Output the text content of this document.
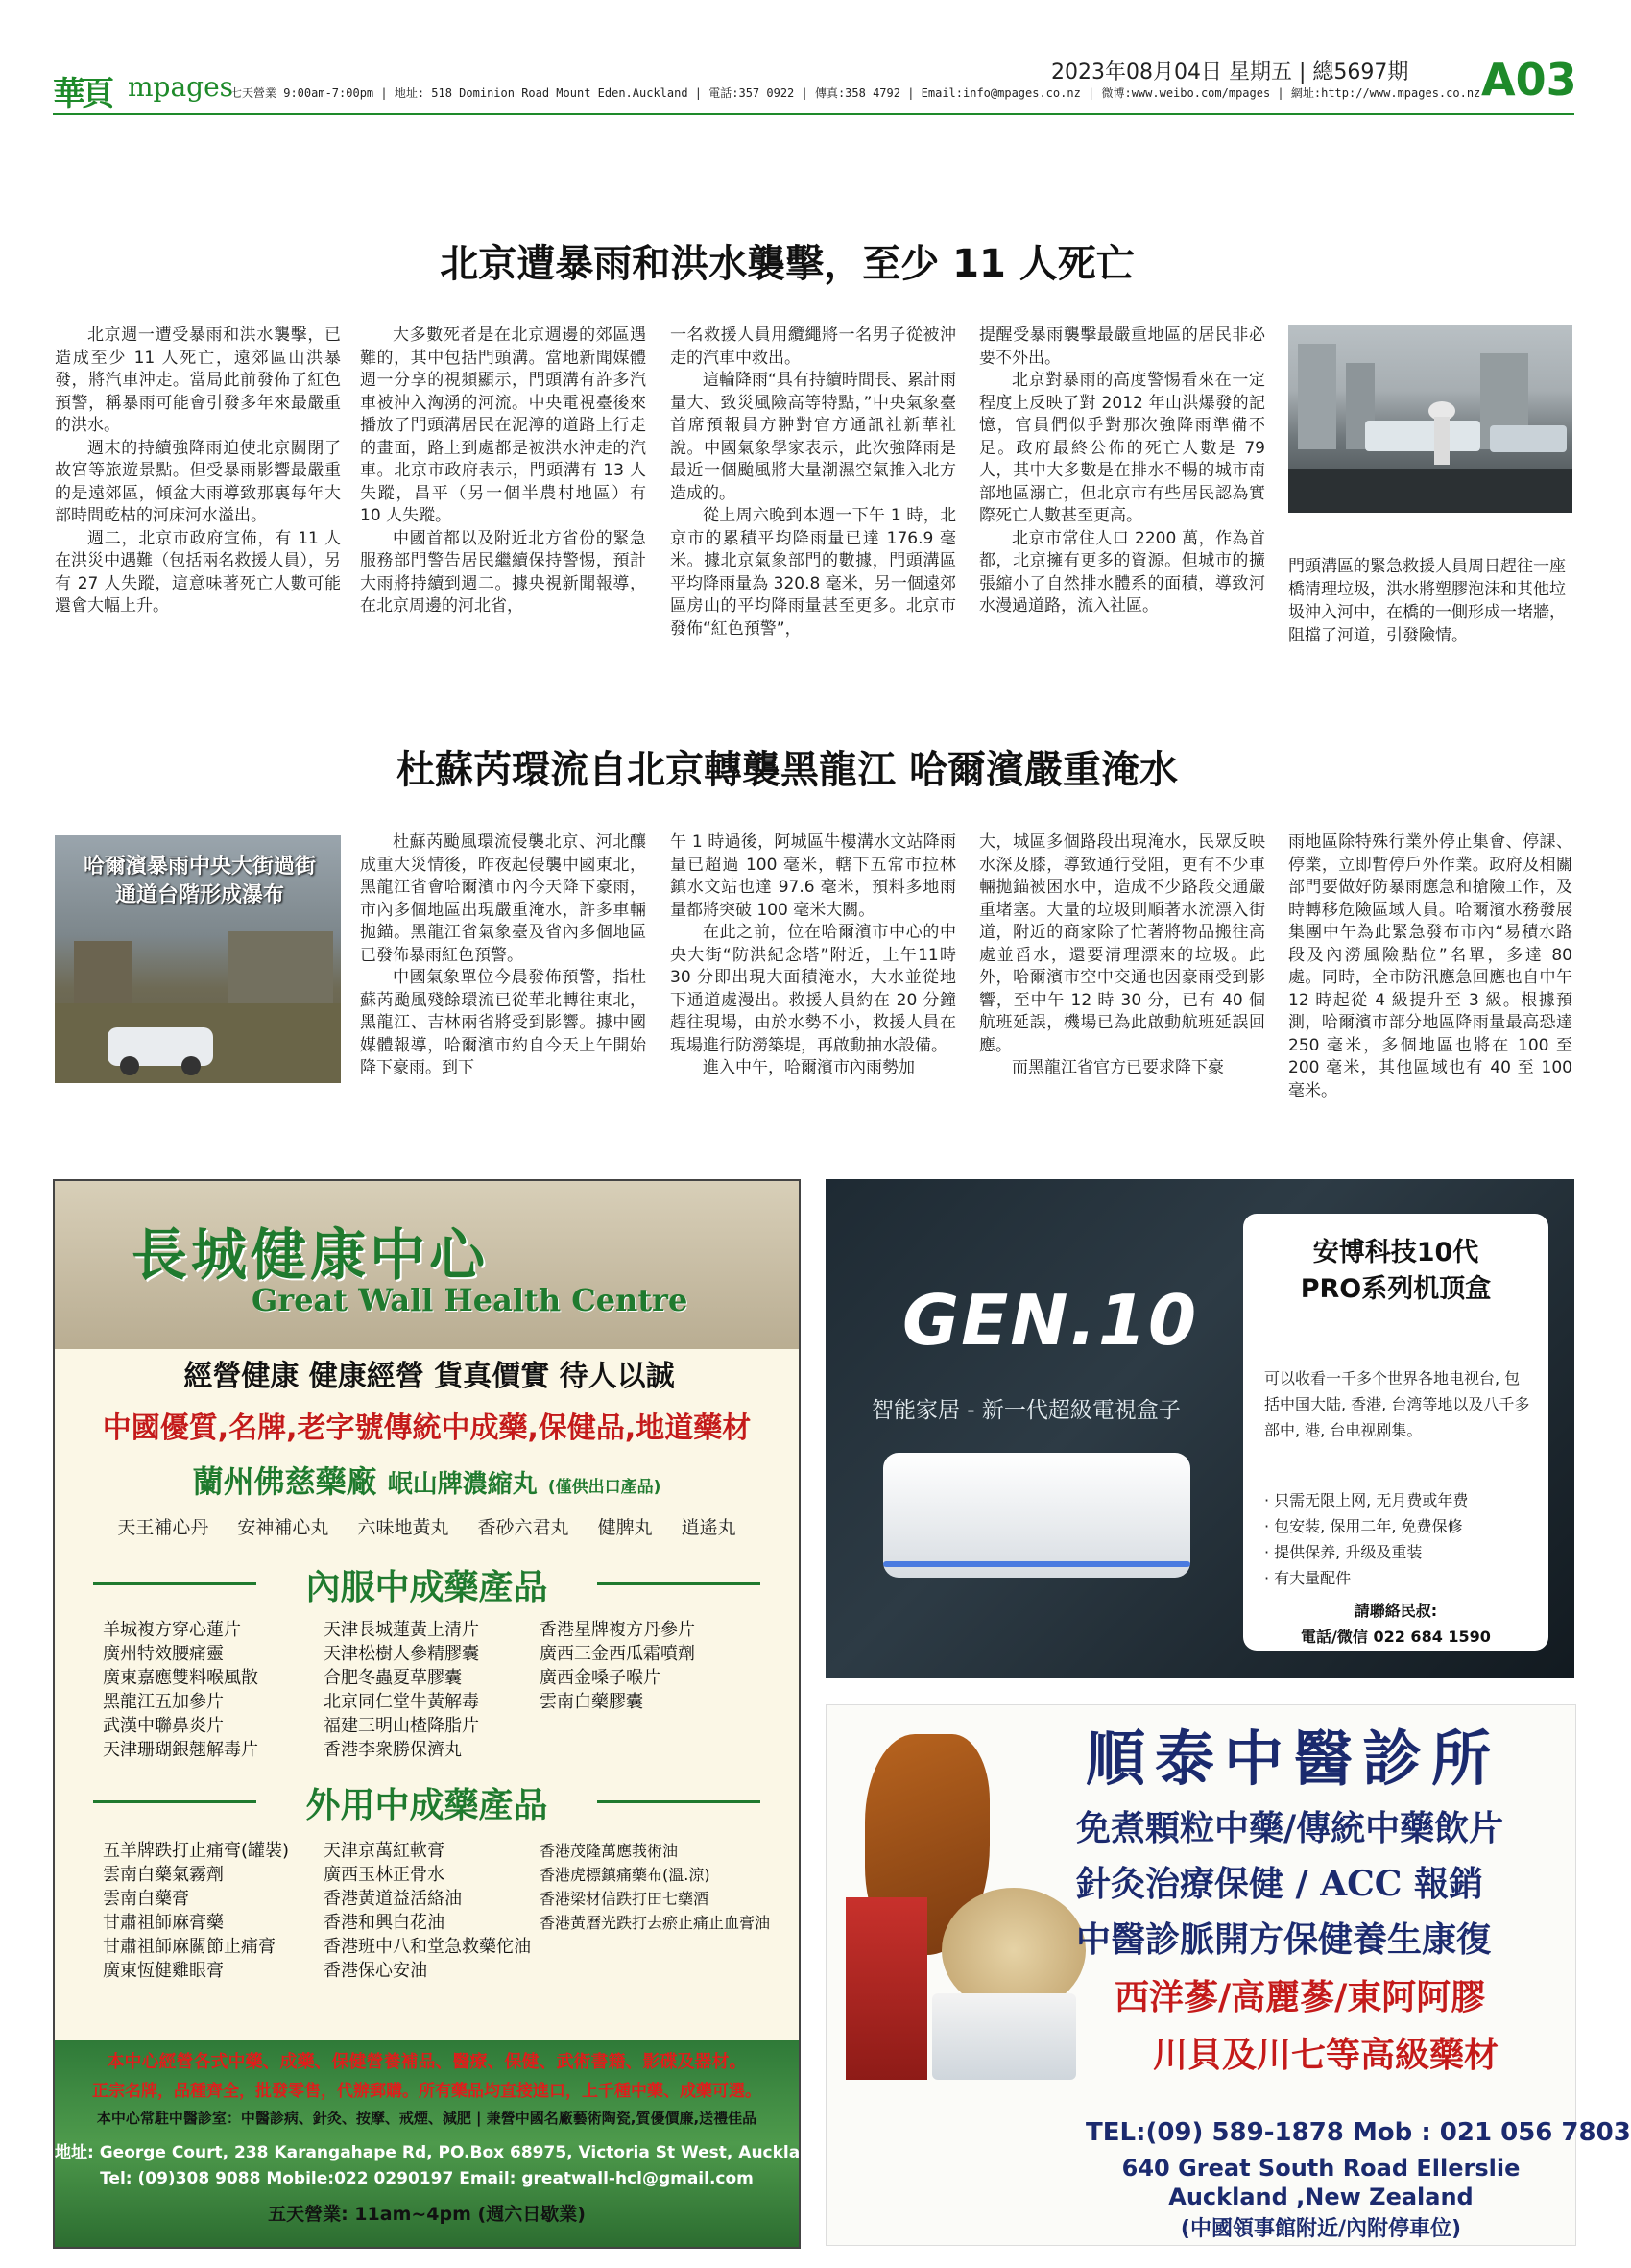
華頁 mpages
七天營業 9:00am-7:00pm | 地址: 518 Dominion Road Mount Eden.Auckland | 電話:357 0922 | 傳真:358 4792 | Email:info@mpages.co.nz | 微博:www.weibo.com/mpages | 網址:http://www.mpages.co.nz
2023年08月04日 星期五 | 總5697期 A03
北京遭暴雨和洪水襲擊，至少 11 人死亡

北京週一遭受暴雨和洪水襲擊，已造成至少 11 人死亡，遠郊區山洪暴發，將汽車沖走。當局此前發佈了紅色預警，稱暴雨可能會引發多年來最嚴重的洪水。

週末的持續強降雨迫使北京關閉了故宮等旅遊景點。但受暴雨影響最嚴重的是遠郊區，傾盆大雨導致那裏每年大部時間乾枯的河床河水溢出。

週二，北京市政府宣佈，有 11 人在洪災中遇難（包括兩名救援人員），另有 27 人失蹤，這意味著死亡人數可能還會大幅上升。

大多數死者是在北京週邊的郊區遇難的，其中包括門頭溝。當地新聞媒體週一分享的視頻顯示，門頭溝有許多汽車被沖入洶湧的河流。中央電視臺後來播放了門頭溝居民在泥濘的道路上行走的畫面，路上到處都是被洪水沖走的汽車。北京市政府表示，門頭溝有 13 人失蹤，昌平（另一個半農村地區）有 10 人失蹤。

中國首都以及附近北方省份的緊急服務部門警告居民繼續保持警惕，預計大雨將持續到週二。據央視新聞報導，在北京周邊的河北省，

一名救援人員用纜繩將一名男子從被沖走的汽車中救出。

這輪降雨“具有持續時間長、累計雨量大、致災風險高等特點，”中央氣象臺首席預報員方翀對官方通訊社新華社說。中國氣象學家表示，此次強降雨是最近一個颱風將大量潮濕空氣推入北方造成的。

從上周六晚到本週一下午 1 時，北京市的累積平均降雨量已達 176.9 毫米。據北京氣象部門的數據，門頭溝區平均降雨量為 320.8 毫米，另一個遠郊區房山的平均降雨量甚至更多。北京市發佈“紅色預警”，

提醒受暴雨襲擊最嚴重地區的居民非必要不外出。

北京對暴雨的高度警惕看來在一定程度上反映了對 2012 年山洪爆發的記憶，官員們似乎對那次強降雨準備不足。政府最終公佈的死亡人數是 79 人，其中大多數是在排水不暢的城市南部地區溺亡，但北京市有些居民認為實際死亡人數甚至更高。

北京市常住人口 2200 萬，作為首都，北京擁有更多的資源。但城市的擴張縮小了自然排水體系的面積，導致河水漫過道路，流入社區。

門頭溝區的緊急救援人員周日趕往一座橋清理垃圾，洪水將塑膠泡沫和其他垃圾沖入河中，在橋的一側形成一堵牆，阻擋了河道，引發險情。
杜蘇芮環流自北京轉襲黑龍江 哈爾濱嚴重淹水
哈爾濱暴雨中央大街過街通道台階形成瀑布

杜蘇芮颱風環流侵襲北京、河北釀成重大災情後，昨夜起侵襲中國東北，黑龍江省會哈爾濱市內今天降下豪雨，市內多個地區出現嚴重淹水，許多車輛拋錨。黑龍江省氣象臺及省內多個地區已發佈暴雨紅色預警。

中國氣象單位今晨發佈預警，指杜蘇芮颱風殘餘環流已從華北轉往東北，黑龍江、吉林兩省將受到影響。據中國媒體報導，哈爾濱市約自今天上午開始降下豪雨。到下

午 1 時過後，阿城區牛樓溝水文站降雨量已超過 100 毫米，轄下五常市拉林鎮水文站也達 97.6 毫米，預料多地雨量都將突破 100 毫米大關。

在此之前，位在哈爾濱市中心的中央大街“防洪紀念塔”附近，上午11時 30 分即出現大面積淹水，大水並從地下通道處漫出。救援人員約在 20 分鐘趕往現場，由於水勢不小，救援人員在現場進行防澇築堤，再啟動抽水設備。

進入中午，哈爾濱市內雨勢加

大，城區多個路段出現淹水，民眾反映水深及膝，導致通行受阻，更有不少車輛拋錨被困水中，造成不少路段交通嚴重堵塞。大量的垃圾則順著水流漂入街道，附近的商家除了忙著將物品搬往高處並舀水，還要清理漂來的垃圾。此外，哈爾濱市空中交通也因豪雨受到影響，至中午 12 時 30 分，已有 40 個航班延誤，機場已為此啟動航班延誤回應。

而黑龍江省官方已要求降下豪

雨地區除特殊行業外停止集會、停課、停業，立即暫停戶外作業。政府及相關部門要做好防暴雨應急和搶險工作，及時轉移危險區域人員。哈爾濱水務發展集團中午為此緊急發布市內“易積水路段及內澇風險點位”名單，多達 80 處。同時，全市防汛應急回應也自中午 12 時起從 4 級提升至 3 級。根據預測，哈爾濱市部分地區降雨量最高恐達 250 毫米，多個地區也將在 100 至 200 毫米，其他區域也有 40 至 100 毫米。

長城健康中心
Great Wall Health Centre
經營健康 健康經營 貨真價實 待人以誠
中國優質,名牌,老字號傳統中成藥,保健品,地道藥材
蘭州佛慈藥廠 岷山牌濃縮丸 (僅供出口產品)
天王補心丹 安神補心丸 六味地黃丸 香砂六君丸 健脾丸 逍遙丸
內服中成藥產品
羊城複方穿心蓮片
廣州特效腰痛靈
廣東嘉應雙料喉風散
黑龍江五加參片
武漢中聯鼻炎片
天津珊瑚銀翹解毒片
天津長城蓮黃上清片
天津松樹人參精膠囊
合肥冬蟲夏草膠囊
北京同仁堂牛黃解毒
福建三明山楂降脂片
香港李衆勝保濟丸
香港星牌複方丹參片
廣西三金西瓜霜噴劑
廣西金嗓子喉片
雲南白藥膠囊
外用中成藥產品
五羊牌跌打止痛膏(罐裝)
雲南白藥氣霧劑
雲南白藥膏
甘肅祖師麻膏藥
甘肅祖師麻關節止痛膏
廣東恆健雞眼膏
天津京萬紅軟膏
廣西玉林正骨水
香港黃道益活絡油
香港和興白花油
香港班中八和堂急救藥佗油
香港保心安油
香港茂隆萬應莪術油
香港虎標鎮痛藥布(溫.涼)
香港梁材信跌打田七藥酒
香港黃曆光跌打去瘀止痛止血膏油
本中心經營各式中藥、成藥、保健營養補品、醫療、保健、武術書籍、影碟及器材。
正宗名牌，品種齊全，批發零售，代辦郵購。所有藥品均直接進口，上千種中藥、成藥可選。
本中心常駐中醫診室：中醫診病、針灸、按摩、戒煙、減肥 | 兼營中國名廠藝術陶瓷,質優價廉,送禮佳品
地址: George Court, 238 Karangahape Rd, PO.Box 68975, Victoria St West, Auckland
Tel: (09)308 9088 Mobile:022 0290197 Email: greatwall-hcl@gmail.com
五天營業: 11am~4pm (週六日歇業)
GEN.10
智能家居 - 新一代超級電視盒子
安博科技10代
PRO系列机顶盒
可以收看一千多个世界各地电视台, 包括中国大陆, 香港, 台湾等地以及八千多部中, 港, 台电视剧集。
· 只需无限上网, 无月费或年费
· 包安装, 保用二年, 免费保修
· 提供保养, 升级及重装
· 有大量配件
請聯絡民叔:
電話/微信 022 684 1590
順泰中醫診所
免煮顆粒中藥/傳統中藥飲片
針灸治療保健 / ACC 報銷
中醫診脈開方保健養生康復
西洋蔘/高麗蔘/東阿阿膠
川貝及川七等高級藥材
TEL:(09) 589-1878 Mob : 021 056 7803
640 Great South Road Ellerslie
Auckland ,New Zealand
(中國領事館附近/內附停車位)
